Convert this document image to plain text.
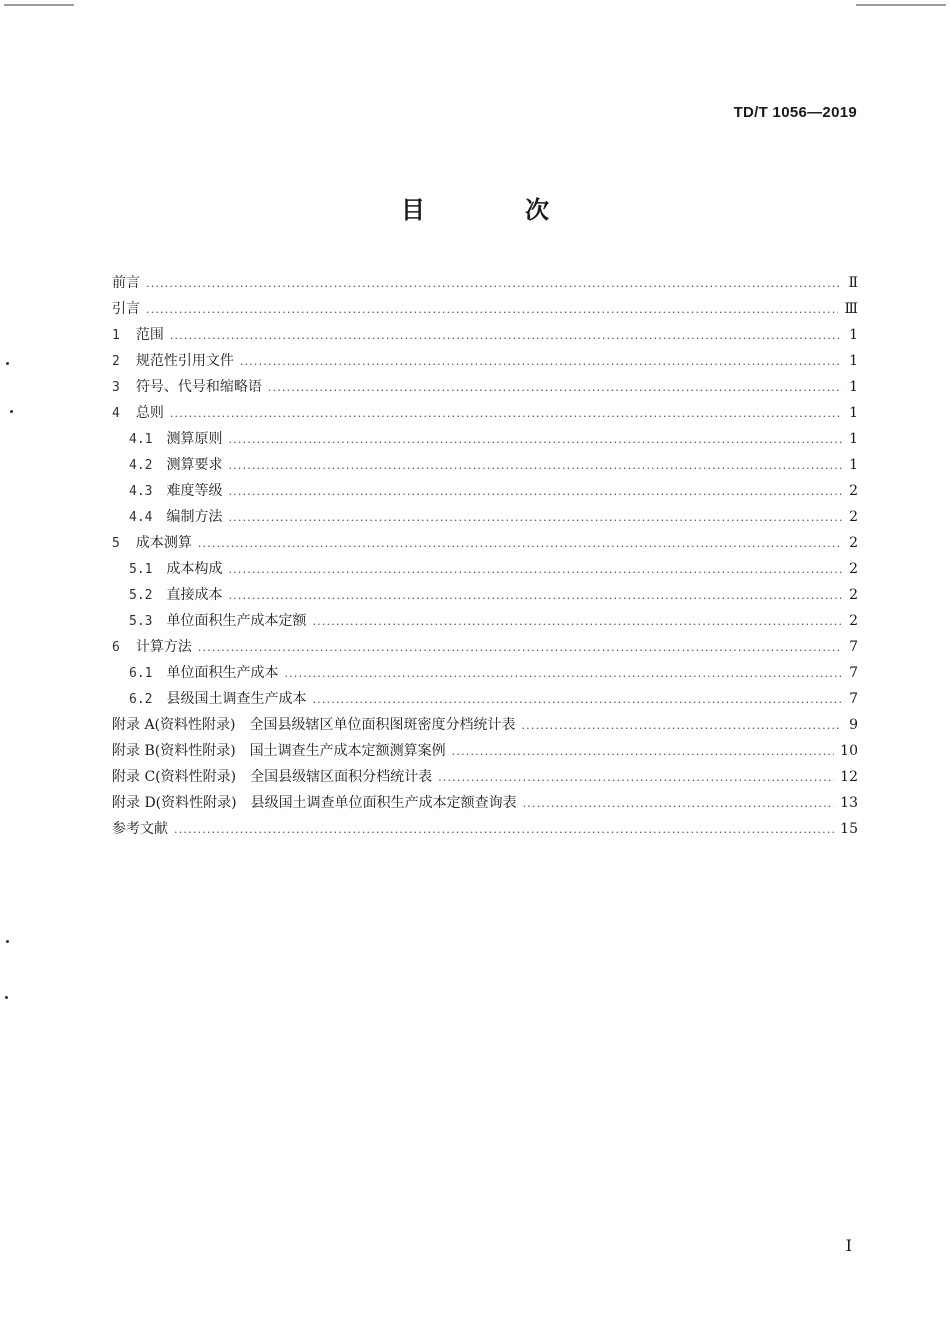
TD/T 1056—2019
目　次
前言 .....	Ⅱ
引言 .....	Ⅲ
1 范围 .....	1
2 规范性引用文件 .....	1
3 符号、代号和缩略语 .....	1
4 总则 .....	1
4.1 测算原则 .....	1
4.2 测算要求 .....	1
4.3 难度等级 .....	2
4.4 编制方法 .....	2
5 成本测算 .....	2
5.1 成本构成 .....	2
5.2 直接成本 .....	2
5.3 单位面积生产成本定额 .....	2
6 计算方法 .....	7
6.1 单位面积生产成本 .....	7
6.2 县级国土调查生产成本 .....	7
附录 A(资料性附录)　全国县级辖区单位面积图斑密度分档统计表 .....	9
附录 B(资料性附录)　国土调查生产成本定额测算案例 .....	10
附录 C(资料性附录)　全国县级辖区面积分档统计表 .....	12
附录 D(资料性附录)　县级国土调查单位面积生产成本定额查询表 .....	13
参考文献 .....	15
I
